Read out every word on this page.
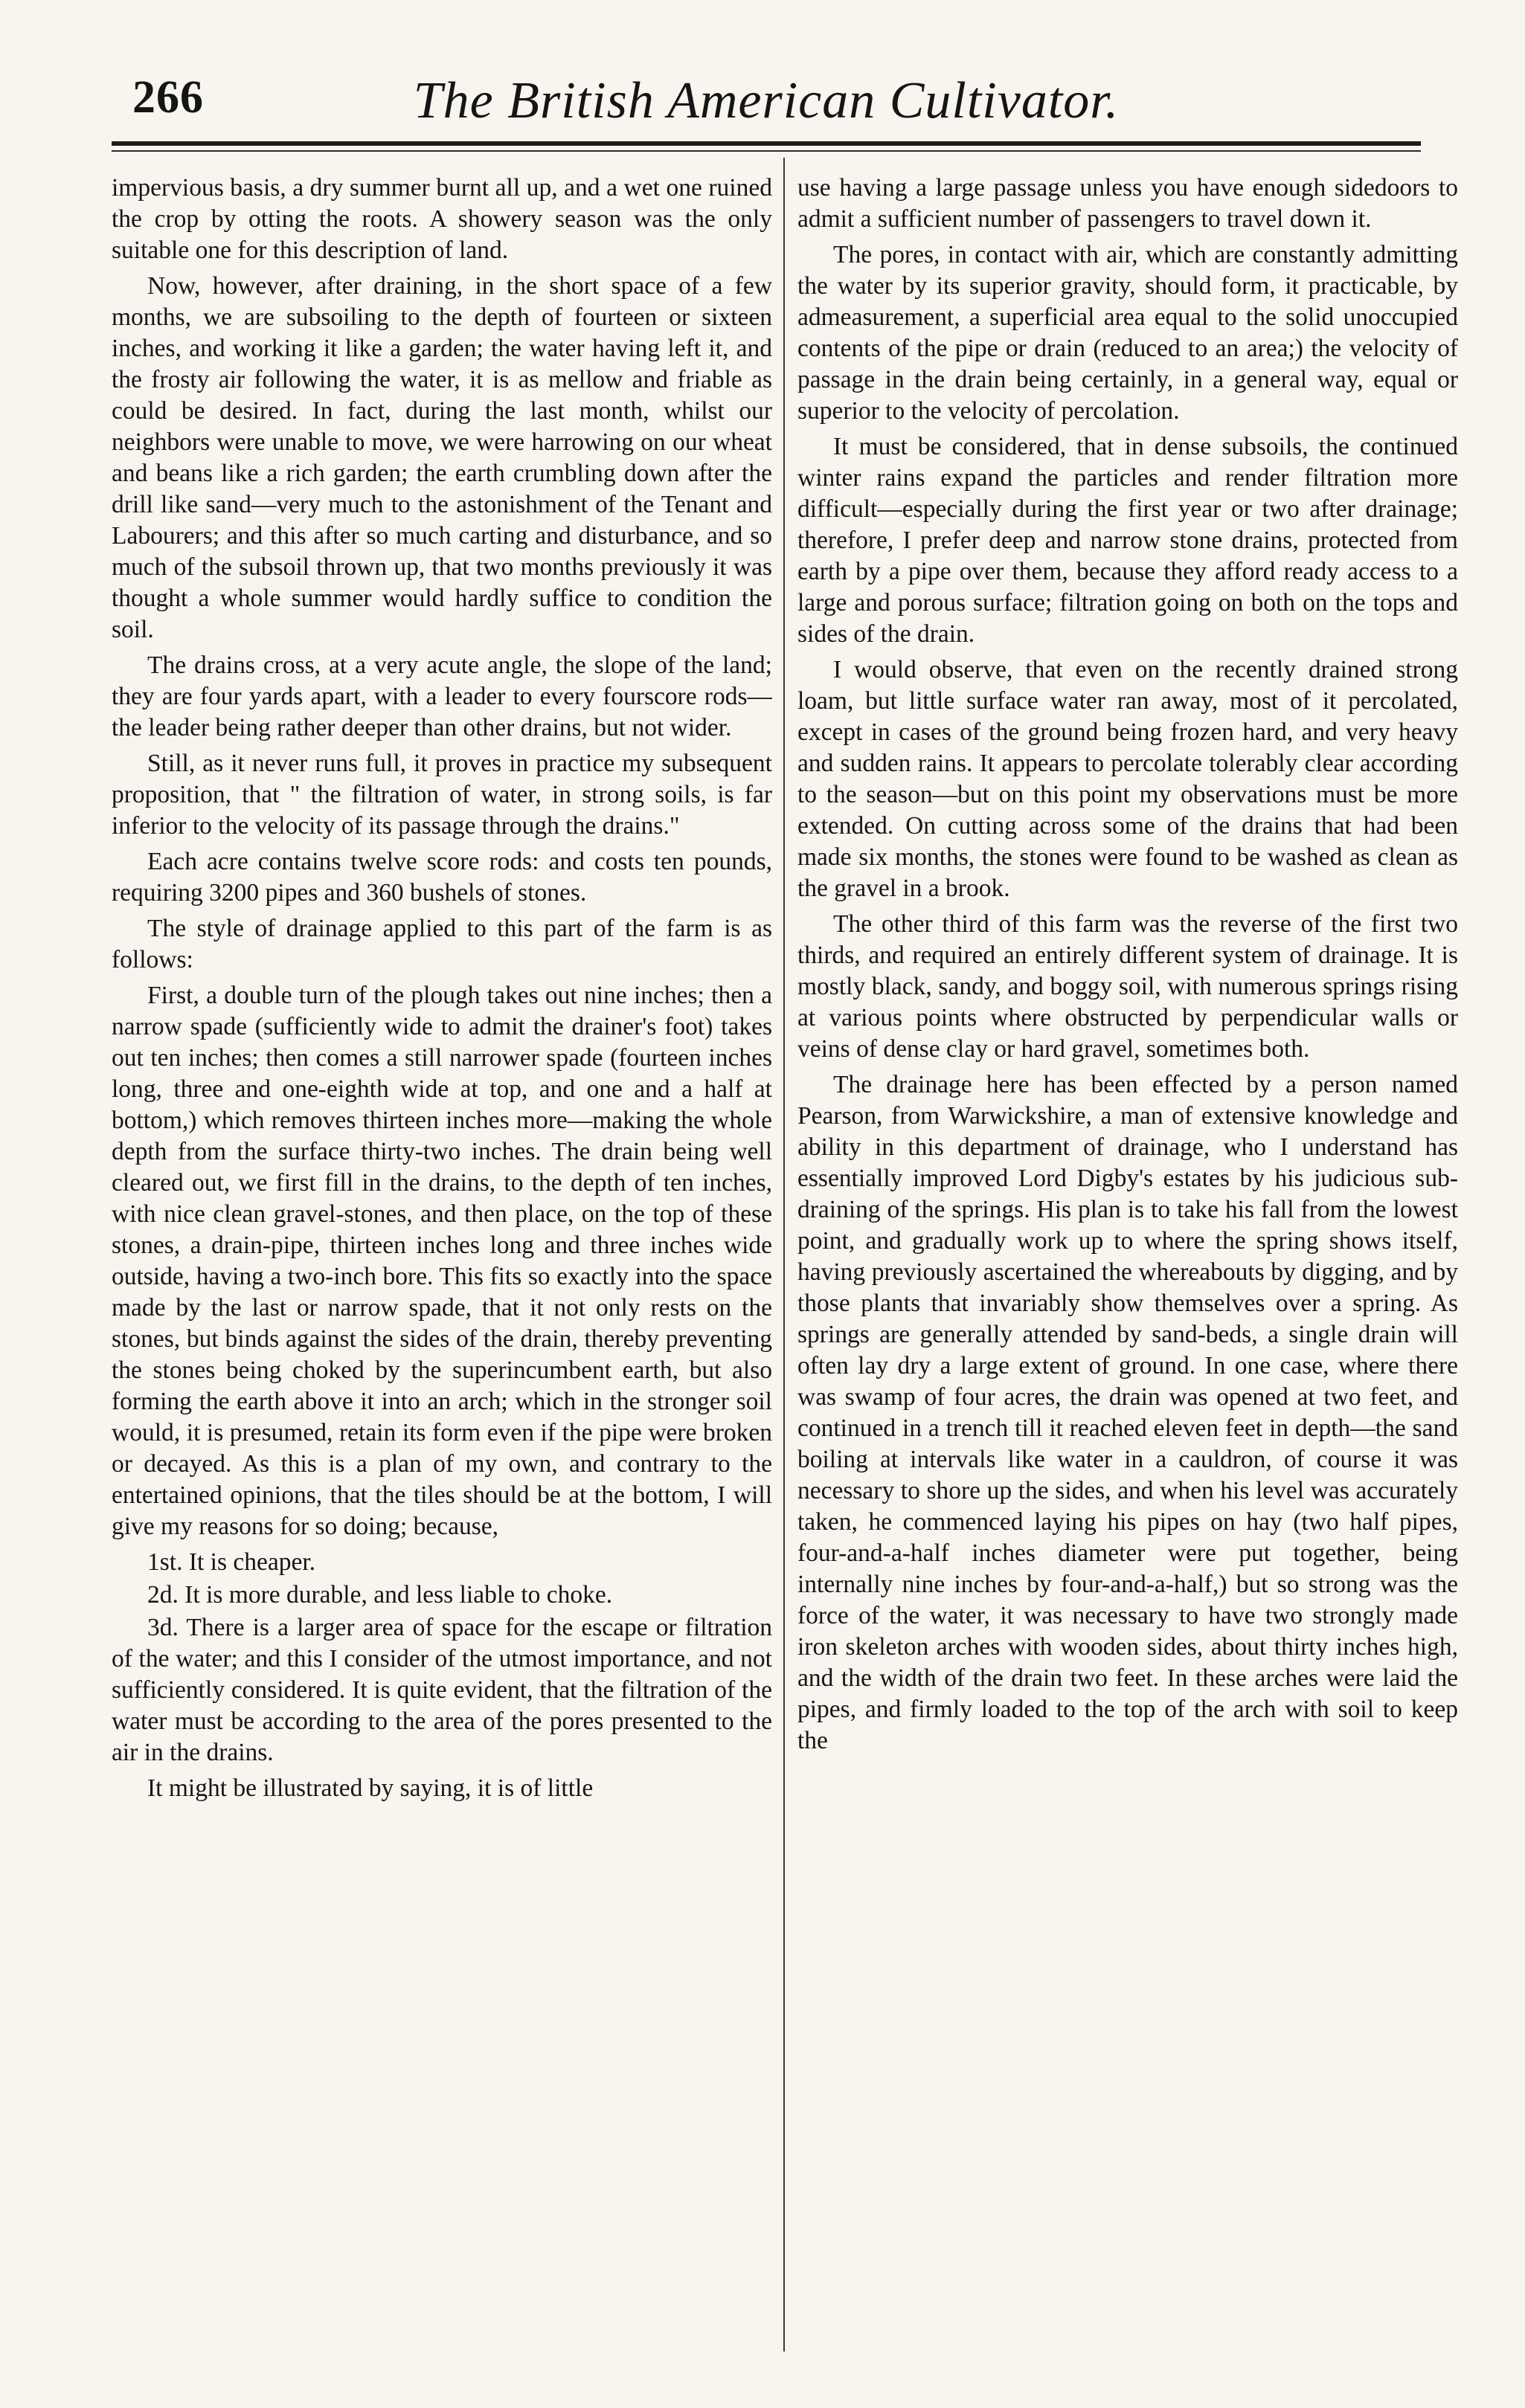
266	The British American Cultivator.

impervious basis, a dry summer burnt all up, and a wet one ruined the crop by otting the roots. A showery season was the only suitable one for this description of land.

Now, however, after draining, in the short space of a few months, we are subsoiling to the depth of fourteen or sixteen inches, and working it like a garden; the water having left it, and the frosty air following the water, it is as mellow and friable as could be desired. In fact, during the last month, whilst our neighbors were unable to move, we were harrowing on our wheat and beans like a rich garden; the earth crumbling down after the drill like sand—very much to the astonishment of the Tenant and Labourers; and this after so much carting and disturbance, and so much of the subsoil thrown up, that two months previously it was thought a whole summer would hardly suffice to condition the soil.

The drains cross, at a very acute angle, the slope of the land; they are four yards apart, with a leader to every fourscore rods—the leader being rather deeper than other drains, but not wider.

Still, as it never runs full, it proves in practice my subsequent proposition, that " the filtration of water, in strong soils, is far inferior to the velocity of its passage through the drains."

Each acre contains twelve score rods: and costs ten pounds, requiring 3200 pipes and 360 bushels of stones.

The style of drainage applied to this part of the farm is as follows:

First, a double turn of the plough takes out nine inches; then a narrow spade (sufficiently wide to admit the drainer's foot) takes out ten inches; then comes a still narrower spade (fourteen inches long, three and one-eighth wide at top, and one and a half at bottom,) which removes thirteen inches more—making the whole depth from the surface thirty-two inches. The drain being well cleared out, we first fill in the drains, to the depth of ten inches, with nice clean gravel-stones, and then place, on the top of these stones, a drain-pipe, thirteen inches long and three inches wide outside, having a two-inch bore. This fits so exactly into the space made by the last or narrow spade, that it not only rests on the stones, but binds against the sides of the drain, thereby preventing the stones being choked by the superincumbent earth, but also forming the earth above it into an arch; which in the stronger soil would, it is presumed, retain its form even if the pipe were broken or decayed. As this is a plan of my own, and contrary to the entertained opinions, that the tiles should be at the bottom, I will give my reasons for so doing; because,

1st. It is cheaper.

2d. It is more durable, and less liable to choke.

3d. There is a larger area of space for the escape or filtration of the water; and this I consider of the utmost importance, and not sufficiently considered. It is quite evident, that the filtration of the water must be according to the area of the pores presented to the air in the drains.

It might be illustrated by saying, it is of little

use having a large passage unless you have enough sidedoors to admit a sufficient number of passengers to travel down it.

The pores, in contact with air, which are constantly admitting the water by its superior gravity, should form, it practicable, by admeasurement, a superficial area equal to the solid unoccupied contents of the pipe or drain (reduced to an area;) the velocity of passage in the drain being certainly, in a general way, equal or superior to the velocity of percolation.

It must be considered, that in dense subsoils, the continued winter rains expand the particles and render filtration more difficult—especially during the first year or two after drainage; therefore, I prefer deep and narrow stone drains, protected from earth by a pipe over them, because they afford ready access to a large and porous surface; filtration going on both on the tops and sides of the drain.

I would observe, that even on the recently drained strong loam, but little surface water ran away, most of it percolated, except in cases of the ground being frozen hard, and very heavy and sudden rains. It appears to percolate tolerably clear according to the season—but on this point my observations must be more extended. On cutting across some of the drains that had been made six months, the stones were found to be washed as clean as the gravel in a brook.

The other third of this farm was the reverse of the first two thirds, and required an entirely different system of drainage. It is mostly black, sandy, and boggy soil, with numerous springs rising at various points where obstructed by perpendicular walls or veins of dense clay or hard gravel, sometimes both.

The drainage here has been effected by a person named Pearson, from Warwickshire, a man of extensive knowledge and ability in this department of drainage, who I understand has essentially improved Lord Digby's estates by his judicious sub-draining of the springs. His plan is to take his fall from the lowest point, and gradually work up to where the spring shows itself, having previously ascertained the whereabouts by digging, and by those plants that invariably show themselves over a spring. As springs are generally attended by sand-beds, a single drain will often lay dry a large extent of ground. In one case, where there was swamp of four acres, the drain was opened at two feet, and continued in a trench till it reached eleven feet in depth—the sand boiling at intervals like water in a cauldron, of course it was necessary to shore up the sides, and when his level was accurately taken, he commenced laying his pipes on hay (two half pipes, four-and-a-half inches diameter were put together, being internally nine inches by four-and-a-half,) but so strong was the force of the water, it was necessary to have two strongly made iron skeleton arches with wooden sides, about thirty inches high, and the width of the drain two feet. In these arches were laid the pipes, and firmly loaded to the top of the arch with soil to keep the
